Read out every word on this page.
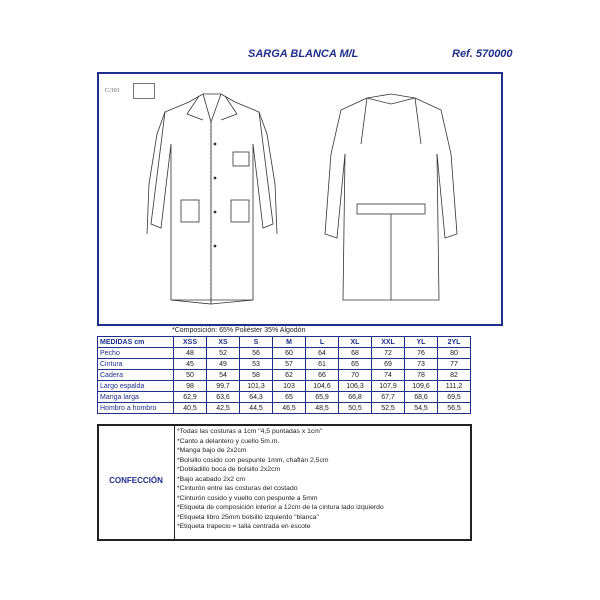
SARGA BLANCA M/L	Ref. 570000
C/101
*Composición: 65% Poliéster 35% Algodón
MEDIDAS cm	XSS	XS	S	M	L	XL	XXL	YL	2YL
Pecho	48	52	56	60	64	68	72	76	80
Cintura	45	49	53	57	61	65	69	73	77
Cadera	50	54	58	62	66	70	74	78	82
Largo espalda	98	99,7	101,3	103	104,6	106,3	107,9	109,6	111,2
Manga larga	62,9	63,6	64,3	65	65,9	66,8	67,7	68,6	69,5
Hombro a hombro	40,5	42,5	44,5	46,5	48,5	50,5	52,5	54,5	56,5
CONFECCIÓN
*Todas las costuras a 1cm "4,5 puntadas x 1cm"
*Canto a delantero y cuello 5m.m.
*Manga bajo de 2x2cm
*Bolsillo cosido con pespunte 1mm, chaflán 2,5cm
*Dobladillo boca de bolsillo 2x2cm
*Bajo acabado 2x2 cm
*Cinturón entre las costuras del costado
*Cinturón cosido y vuelto con pespunte a 5mm
*Etiqueta de composición interior a 12cm de la cintura lado izquierdo
*Etiqueta libro 25mm bolsillo izquierdo "blanca"
*Etiqueta trapecio = talla centrada en escote
